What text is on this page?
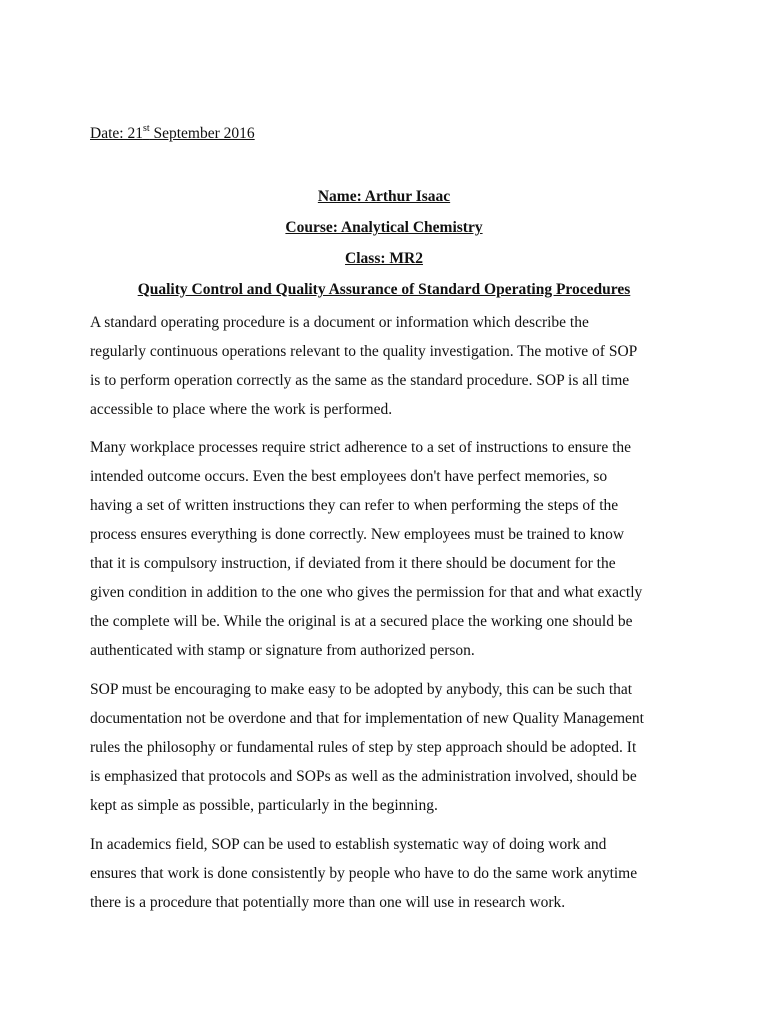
Date: 21st September 2016
Name: Arthur Isaac
Course: Analytical Chemistry
Class: MR2
Quality Control and Quality Assurance of Standard Operating Procedures
A standard operating procedure is a document or information which describe the
regularly continuous operations relevant to the quality investigation. The motive of SOP
is to perform operation correctly as the same as the standard procedure. SOP is all time
accessible to place where the work is performed.
Many workplace processes require strict adherence to a set of instructions to ensure the
intended outcome occurs. Even the best employees don't have perfect memories, so
having a set of written instructions they can refer to when performing the steps of the
process ensures everything is done correctly. New employees must be trained to know
that it is compulsory instruction, if deviated from it there should be document for the
given condition in addition to the one who gives the permission for that and what exactly
the complete will be. While the original is at a secured place the working one should be
authenticated with stamp or signature from authorized person.
SOP must be encouraging to make easy to be adopted by anybody, this can be such that
documentation not be overdone and that for implementation of new Quality Management
rules the philosophy or fundamental rules of step by step approach should be adopted. It
is emphasized that protocols and SOPs as well as the administration involved, should be
kept as simple as possible, particularly in the beginning.
In academics field, SOP can be used to establish systematic way of doing work and
ensures that work is done consistently by people who have to do the same work anytime
there is a procedure that potentially more than one will use in research work.
